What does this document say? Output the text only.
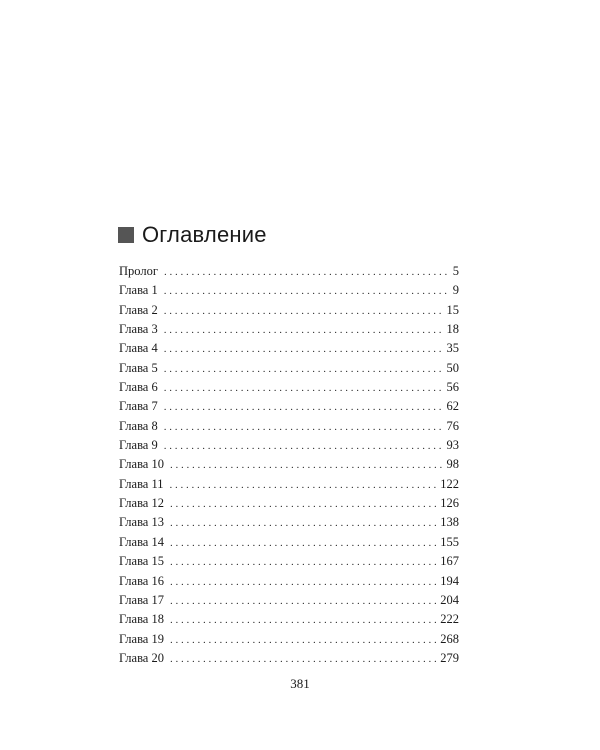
Оглавление
Пролог . . .	5
Глава 1 . . .	9
Глава 2 . . .	15
Глава 3 . . .	18
Глава 4 . . .	35
Глава 5 . . .	50
Глава 6 . . .	56
Глава 7 . . .	62
Глава 8 . . .	76
Глава 9 . . .	93
Глава 10 . . .	98
Глава 11 . . .	122
Глава 12 . . .	126
Глава 13 . . .	138
Глава 14 . . .	155
Глава 15 . . .	167
Глава 16 . . .	194
Глава 17 . . .	204
Глава 18 . . .	222
Глава 19 . . .	268
Глава 20 . . .	279
381
